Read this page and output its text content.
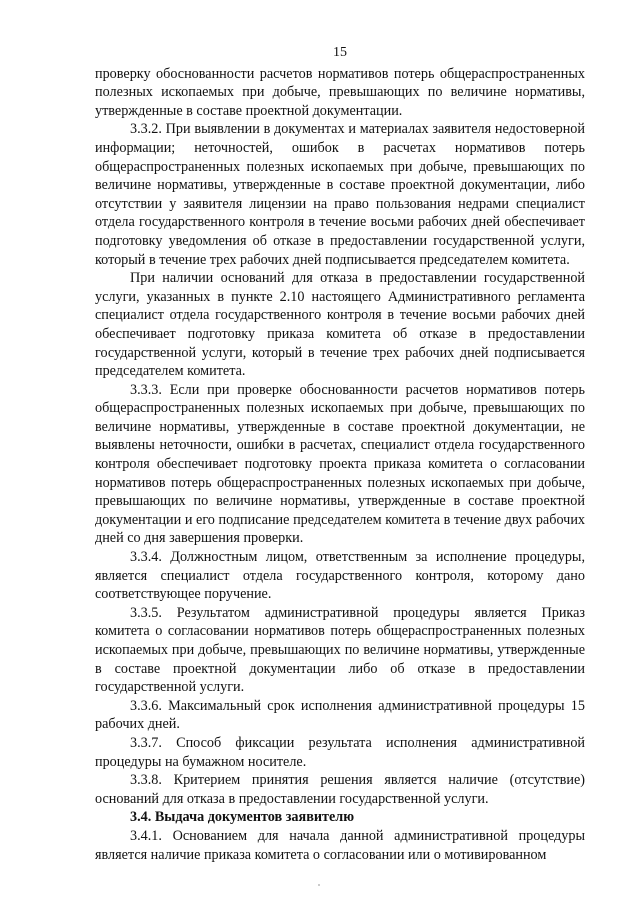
15

проверку обоснованности расчетов нормативов потерь общераспространенных полезных ископаемых при добыче, превышающих по величине нормативы, утвержденные в составе проектной документации.

3.3.2. При выявлении в документах и материалах заявителя недостоверной информации; неточностей, ошибок в расчетах нормативов потерь общераспространенных полезных ископаемых при добыче, превышающих по величине нормативы, утвержденные в составе проектной документации, либо отсутствии у заявителя лицензии на право пользования недрами специалист отдела государственного контроля в течение восьми рабочих дней обеспечивает подготовку уведомления об отказе в предоставлении государственной услуги, который в течение трех рабочих дней подписывается председателем комитета.

При наличии оснований для отказа в предоставлении государственной услуги, указанных в пункте 2.10 настоящего Административного регламента специалист отдела государственного контроля в течение восьми рабочих дней обеспечивает подготовку приказа комитета об отказе в предоставлении государственной услуги, который в течение трех рабочих дней подписывается председателем комитета.

3.3.3. Если при проверке обоснованности расчетов нормативов потерь общераспространенных полезных ископаемых при добыче, превышающих по величине нормативы, утвержденные в составе проектной документации, не выявлены неточности, ошибки в расчетах, специалист отдела государственного контроля обеспечивает подготовку проекта приказа комитета о согласовании нормативов потерь общераспространенных полезных ископаемых при добыче, превышающих по величине нормативы, утвержденные в составе проектной документации и его подписание председателем комитета в течение двух рабочих дней со дня завершения проверки.

3.3.4. Должностным лицом, ответственным за исполнение процедуры, является специалист отдела государственного контроля, которому дано соответствующее поручение.

3.3.5. Результатом административной процедуры является Приказ комитета о согласовании нормативов потерь общераспространенных полезных ископаемых при добыче, превышающих по величине нормативы, утвержденные в составе проектной документации либо об отказе в предоставлении государственной услуги.

3.3.6. Максимальный срок исполнения административной процедуры 15 рабочих дней.

3.3.7. Способ фиксации результата исполнения административной процедуры на бумажном носителе.

3.3.8. Критерием принятия решения является наличие (отсутствие) оснований для отказа в предоставлении государственной услуги.

3.4. Выдача документов заявителю

3.4.1. Основанием для начала данной административной процедуры является наличие приказа комитета о согласовании или о мотивированном
